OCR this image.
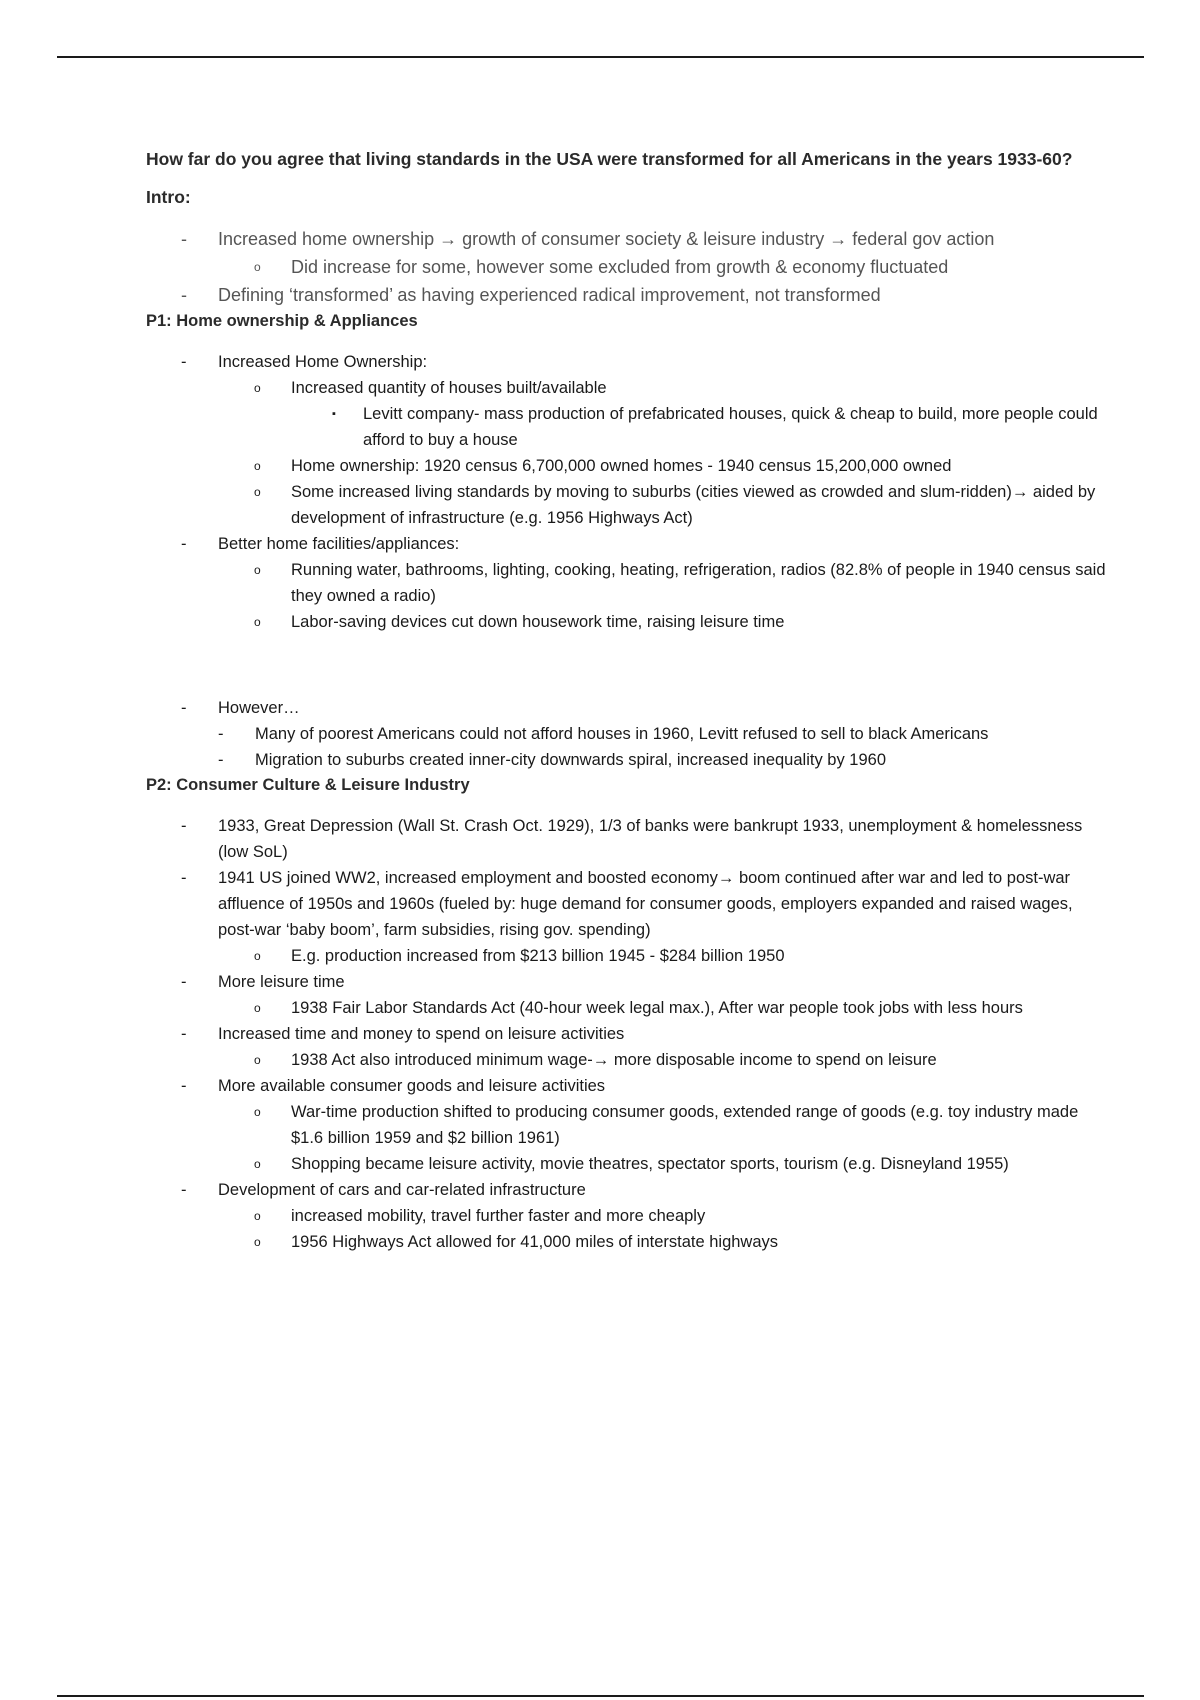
How far do you agree that living standards in the USA were transformed for all Americans in the years 1933-60?
Intro:
- Increased home ownership → growth of consumer society & leisure industry → federal gov action
o Did increase for some, however some excluded from growth & economy fluctuated
- Defining ‘transformed’ as having experienced radical improvement, not transformed
P1: Home ownership & Appliances
- Increased Home Ownership:
o Increased quantity of houses built/available
▪ Levitt company- mass production of prefabricated houses, quick & cheap to build, more people could afford to buy a house
o Home ownership: 1920 census 6,700,000 owned homes - 1940 census 15,200,000 owned
o Some increased living standards by moving to suburbs (cities viewed as crowded and slum-ridden)→ aided by development of infrastructure (e.g. 1956 Highways Act)
- Better home facilities/appliances:
o Running water, bathrooms, lighting, cooking, heating, refrigeration, radios (82.8% of people in 1940 census said they owned a radio)
o Labor-saving devices cut down housework time, raising leisure time
- However…
- Many of poorest Americans could not afford houses in 1960, Levitt refused to sell to black Americans
- Migration to suburbs created inner-city downwards spiral, increased inequality by 1960
P2: Consumer Culture & Leisure Industry
- 1933, Great Depression (Wall St. Crash Oct. 1929), 1/3 of banks were bankrupt 1933, unemployment & homelessness (low SoL)
- 1941 US joined WW2, increased employment and boosted economy→ boom continued after war and led to post-war affluence of 1950s and 1960s (fueled by: huge demand for consumer goods, employers expanded and raised wages, post-war ‘baby boom’, farm subsidies, rising gov. spending)
o E.g. production increased from $213 billion 1945 - $284 billion 1950
- More leisure time
o 1938 Fair Labor Standards Act (40-hour week legal max.), After war people took jobs with less hours
- Increased time and money to spend on leisure activities
o 1938 Act also introduced minimum wage-→ more disposable income to spend on leisure
- More available consumer goods and leisure activities
o War-time production shifted to producing consumer goods, extended range of goods (e.g. toy industry made $1.6 billion 1959 and $2 billion 1961)
o Shopping became leisure activity, movie theatres, spectator sports, tourism (e.g. Disneyland 1955)
- Development of cars and car-related infrastructure
o increased mobility, travel further faster and more cheaply
o 1956 Highways Act allowed for 41,000 miles of interstate highways
